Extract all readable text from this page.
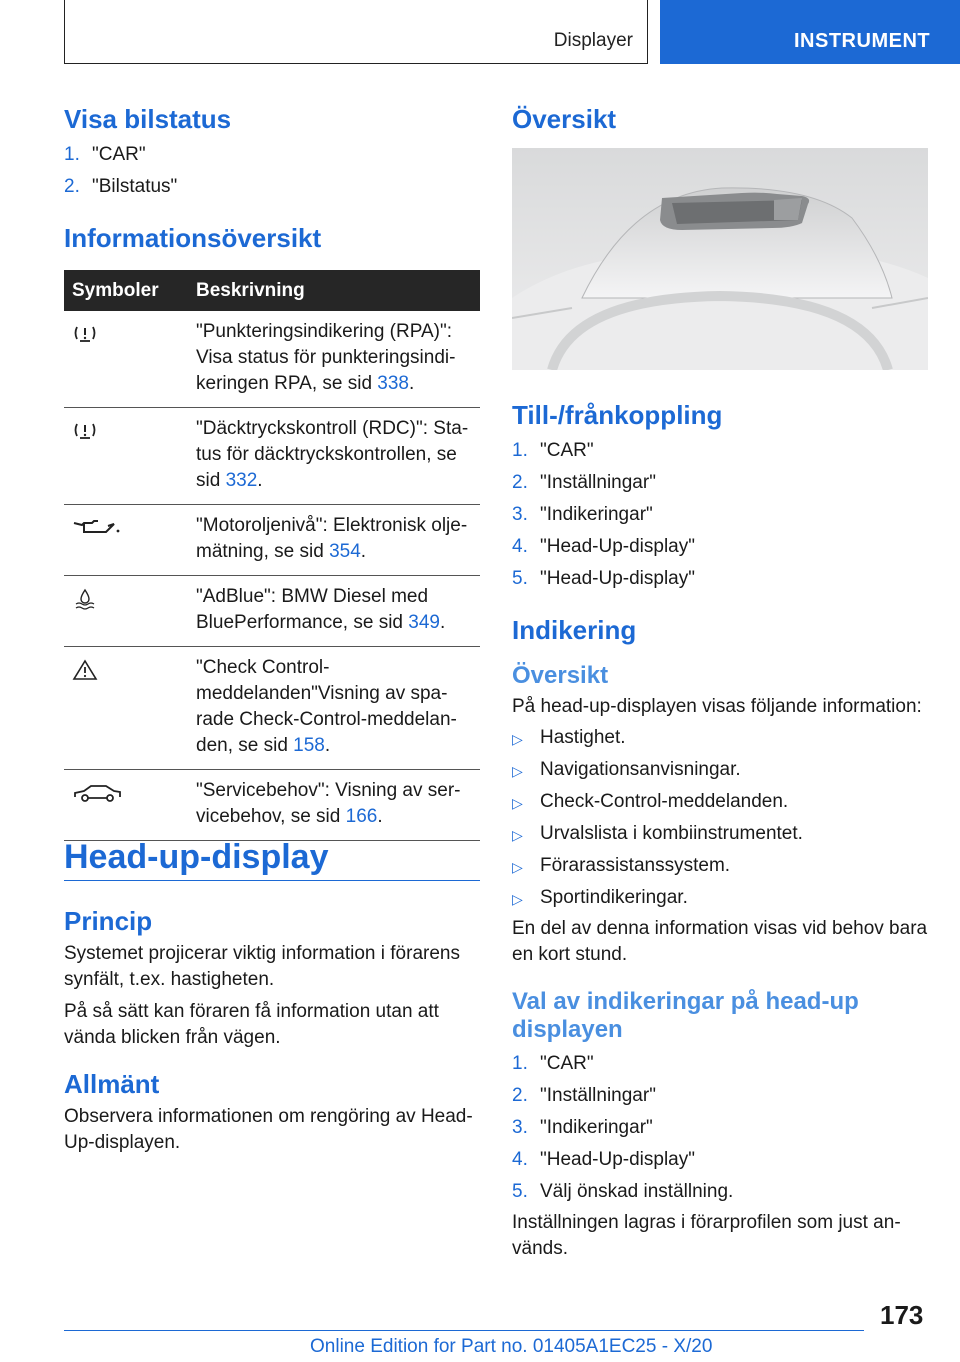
Displayer	INSTRUMENT
Visa bilstatus
1. "CAR"
2. "Bilstatus"
Informationsöversikt
Symboler	Beskrivning
	"Punkteringsindikering (RPA)": Visa status för punkteringsindikeringen RPA, se sid 338.
	"Däcktryckskontroll (RDC)": Status för däcktryckskontrollen, se sid 332.
	"Motoroljenivå": Elektronisk oljemätning, se sid 354.
	"AdBlue": BMW Diesel med BluePerformance, se sid 349.
	"Check Control-meddelanden"Visning av sparade Check-Control-meddelanden, se sid 158.
	"Servicebehov": Visning av servicebehov, se sid 166.
Head-up-display
Princip

Systemet projicerar viktig information i förarens synfält, t.ex. hastigheten.

På så sätt kan föraren få information utan att vända blicken från vägen.

Allmänt

Observera informationen om rengöring av Head-Up-displayen.

Översikt
Till-/frånkoppling
1. "CAR"
2. "Inställningar"
3. "Indikeringar"
4. "Head-Up-display"
5. "Head-Up-display"
Indikering
Översikt

På head-up-displayen visas följande information:

▷ Hastighet.
▷ Navigationsanvisningar.
▷ Check-Control-meddelanden.
▷ Urvalslista i kombiinstrumentet.
▷ Förarassistanssystem.
▷ Sportindikeringar.

En del av denna information visas vid behov bara en kort stund.

Val av indikeringar på head-up displayen
1. "CAR"
2. "Inställningar"
3. "Indikeringar"
4. "Head-Up-display"
5. Välj önskad inställning.

Inställningen lagras i förarprofilen som just används.

173
Online Edition for Part no. 01405A1EC25 - X/20
